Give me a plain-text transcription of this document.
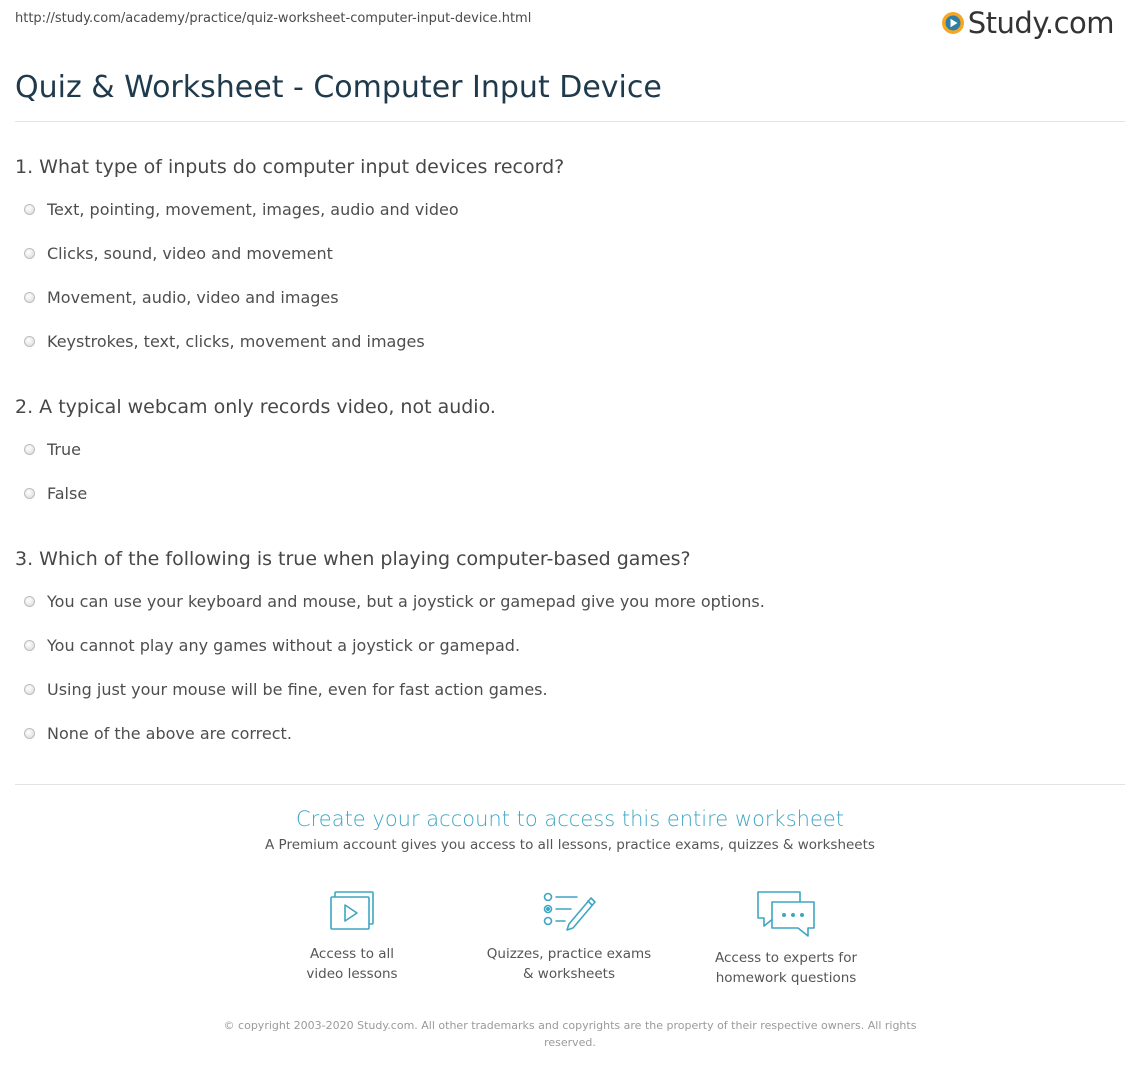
http://study.com/academy/practice/quiz-worksheet-computer-input-device.html	Study.com
Quiz & Worksheet - Computer Input Device
1. What type of inputs do computer input devices record?
Text, pointing, movement, images, audio and video
Clicks, sound, video and movement
Movement, audio, video and images
Keystrokes, text, clicks, movement and images
2. A typical webcam only records video, not audio.
True
False
3. Which of the following is true when playing computer-based games?
You can use your keyboard and mouse, but a joystick or gamepad give you more options.
You cannot play any games without a joystick or gamepad.
Using just your mouse will be fine, even for fast action games.
None of the above are correct.
Create your account to access this entire worksheet
A Premium account gives you access to all lessons, practice exams, quizzes & worksheets
Access to all
video lessons
Quizzes, practice exams
& worksheets
Access to experts for
homework questions
© copyright 2003-2020 Study.com. All other trademarks and copyrights are the property of their respective owners. All rights reserved.
